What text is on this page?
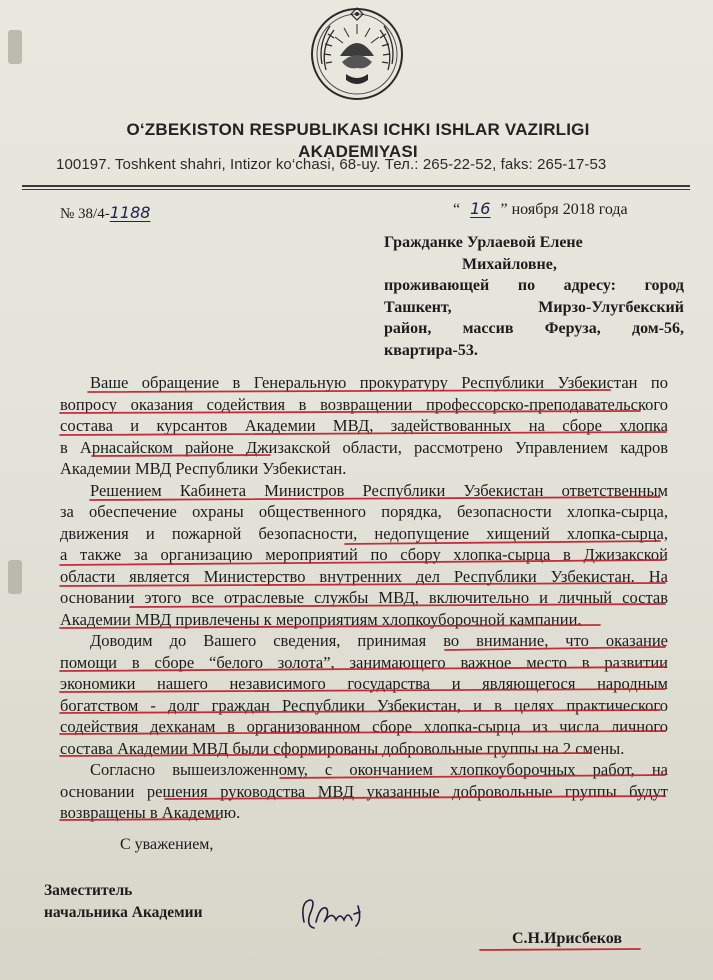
O‘ZBEKISTON RESPUBLIKASI ICHKI ISHLAR VAZIRLIGI
AKADEMIYASI
100197. Toshkent shahri, Intizor ko‘chasi, 68-uy. Тел.: 265-22-52, faks: 265-17-53
№ 38/4-1188	“ 16 ” ноября 2018 года
Гражданке Урлаевой Елене
Михайловне,
проживающей по адресу: город
Ташкент, Мирзо-Улугбекский
район, массив Феруза, дом-56,
квартира-53.
Ваше обращение в Генеральную прокуратуру Республики Узбекистан по
вопросу оказания содействия в возвращении профессорско-преподавательского
состава и курсантов Академии МВД, задействованных на сборе хлопка
в Арнасайском районе Джизакской области, рассмотрено Управлением кадров
Академии МВД Республики Узбекистан.
Решением Кабинета Министров Республики Узбекистан ответственным
за обеспечение охраны общественного порядка, безопасности хлопка-сырца,
движения и пожарной безопасности, недопущение хищений хлопка-сырца,
а также за организацию мероприятий по сбору хлопка-сырца в Джизакской
области является Министерство внутренних дел Республики Узбекистан. На
основании этого все отраслевые службы МВД, включительно и личный состав
Академии МВД привлечены к мероприятиям хлопкоуборочной кампании.
Доводим до Вашего сведения, принимая во внимание, что оказание
помощи в сборе “белого золота”, занимающего важное место в развитии
экономики нашего независимого государства и являющегося народным
богатством - долг граждан Республики Узбекистан, и в целях практического
содействия дехканам в организованном сборе хлопка-сырца из числа личного
состава Академии МВД были сформированы добровольные группы на 2 смены.
Согласно вышеизложенному, с окончанием хлопкоуборочных работ, на
основании решения руководства МВД указанные добровольные группы будут
возвращены в Академию.
С уважением,
Заместитель
начальника Академии
С.Н.Ирисбеков
